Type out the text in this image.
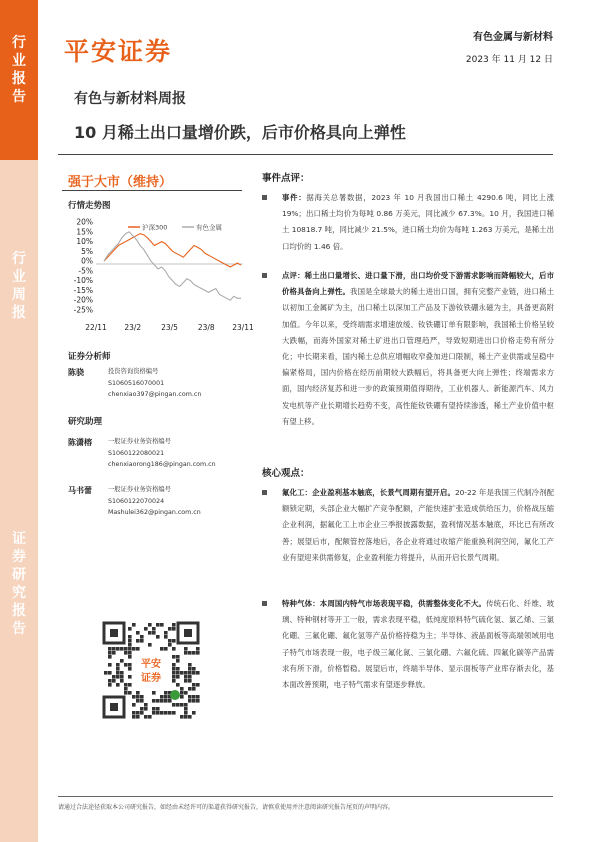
行
业
报
告
行
业
周
报
证
券
研
究
报
告
平安证券	有色金属与新材料
2023 年 11 月 12 日
有色与新材料周报
10 月稀土出口量增价跌，后市价格具向上弹性
强于大市（维持）
行情走势图
20%
15%
10%
5%
0%
-5%
-10%
-15%
-20%
-25%
22/11 23/2	23/5	23/8 23/11
沪深300	有色金属
证券分析师
陈骁	投资咨询资格编号
S1060516070001
chenxiao397@pingan.com.cn
研究助理
陈潇榕	一般证券业务资格编号
S1060122080021
chenxiaorong186@pingan.com.cn
马书蕾	一般证券业务资格编号
S1060122070024
Mashulei362@pingan.com.cn
平安
证券
事件点评：
事件：据海关总署数据，2023 年 10 月我国出口稀土 4290.6 吨，同比上涨 19%；出口稀土均价为每吨 0.86 万美元，同比减少 67.3%。10 月，我国进口稀土 10818.7 吨，同比减少 21.5%，进口稀土均价为每吨 1.263 万美元，是稀土出口均价的 1.46 倍。
点评：稀土出口量增长、进口量下滑，出口均价受下游需求影响而降幅较大，后市价格具备向上弹性。我国是全球最大的稀土进出口国，拥有完整产业链，进口稀土以初加工金属矿为主，出口稀土以深加工产品及下游钕铁硼永磁为主，具备更高附加值。今年以来，受终端需求增速放缓、钕铁硼订单有限影响，我国稀土价格呈较大跌幅，而海外国家对稀土矿进出口管理趋严，导致短期进出口价格走势有所分化；中长期来看，国内稀土总供应增幅收窄叠加进口限制，稀土产业供需或呈稳中偏紧格局，国内价格在经历前期较大跌幅后，将具备更大向上弹性；终端需求方面，国内经济复苏和进一步的政策预期值得期待，工业机器人、新能源汽车、风力发电机等产业长期增长趋势不变，高性能钕铁硼有望持续渗透，稀土产业价值中枢有望上移。
核心观点：
氟化工：企业盈利基本触底，长景气周期有望开启。20-22 年是我国三代制冷剂配额锁定期，头部企业大幅扩产竞争配额，产能快速扩张造成供给压力，价格战压缩企业利润，据氟化工上市企业三季报披露数据，盈利情况基本触底，环比已有所改善；展望后市，配额管控落地后，各企业将通过收缩产能重换利润空间，氟化工产业有望迎来供需修复，企业盈利能力将提升，从而开启长景气周期。
特种气体：本周国内特气市场表现平稳，供需整体变化不大。传统石化、纤维、玻璃、特种钢材等开工一般，需求表现平稳，低纯度原料特气硫化氢、氯乙烯、三氯化硼、三氟化硼、氟化氢等产品价格持稳为主；半导体、液晶面板等高端领域用电子特气市场表现一般，电子级三氟化氮、三氯化硼、六氟化硫、四氟化碳等产品需求有所下滑，价格暂稳。展望后市，终端半导体、显示面板等产业库存渐去化，基本面改善预期，电子特气需求有望逐步释放。
请通过合法途径获取本公司研究报告，如经由未经许可的渠道获得研究报告，请慎重使用并注意阅读研究报告尾页的声明内容。
